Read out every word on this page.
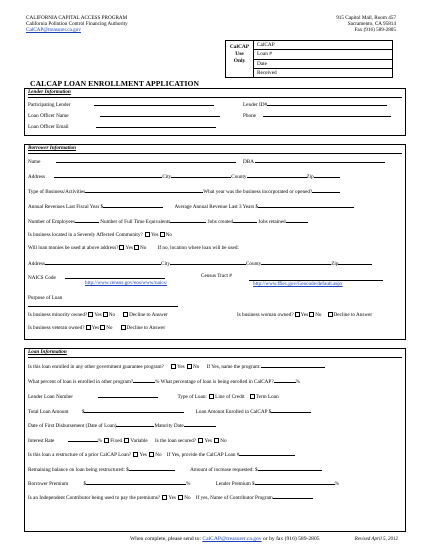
CALIFORNIA CAPITAL ACCESS PROGRAM
California Pollution Control Financing Authority
CalCAP@treasurer.ca.gov
915 Capitol Mall, Room 457
Sacramento, CA 95814
Fax (916) 589-2805
CalCAP
Use
Only
CalCAP
Loan #
Date
Received
CALCAP LOAN ENROLLMENT APPLICATION
Lender Information
Participating Lender	Lender ID#
Loan Officer Name	Phone
Loan Officer Email
Borrower Information
Name	DBA
Address	City	County	Zip
Type of Business/Activities	What year was the business incorporated or opened?
Annual Revenues Last Fiscal Year $	Average Annual Revenue Last 3 Years $
Number of Employees	Number of Full Time Equivalents	Jobs created	Jobs retained
Is business located in a Severely Affected Community? Yes No
Will loan monies be used at above address? Yes No If no, location where loan will be used:
Address	City	County	Zip
NAICS Code	Census Tract #
http://www.census.gov/eos/www/naics/	http://www.ffiec.gov/Geocode/default.aspx
Purpose of Loan
Is business minority owned? Yes No	Decline to Answer	Is business woman owned? Yes No Decline to Answer
Is business veteran owned? Yes No	Decline to Answer
Loan Information
Is this loan enrolled in any other government guarantee program?	Yes No If Yes, name the program:
What percent of loan is enrolled in other program?	% What percentage of loan is being enrolled in CalCAP?	%
Lender Loan Number	Type of Loan: Line of Credit Term Loan
Total Loan Amount	$	Loan Amount Enrolled in CalCAP $
Date of First Disbursement (Date of Loan)	Maturity Date
Interest Rate	% Fixed Variable Is the loan secured? Yes No
Is this loan a restructure of a prior CalCAP Loan? Yes No If Yes, provide the CalCAP Loan #
Remaining balance on loan being restructured: $	Amount of increase requested: $
Borrower Premium	$	%	Lender Premium $	%
Is an Independent Contributor being used to pay the premiums? Yes No If yes, Name of Contributor Program
When complete, please send to: CalCAP@treasurer.ca.gov or by fax (916) 589-2805	Revised April 5, 2012
